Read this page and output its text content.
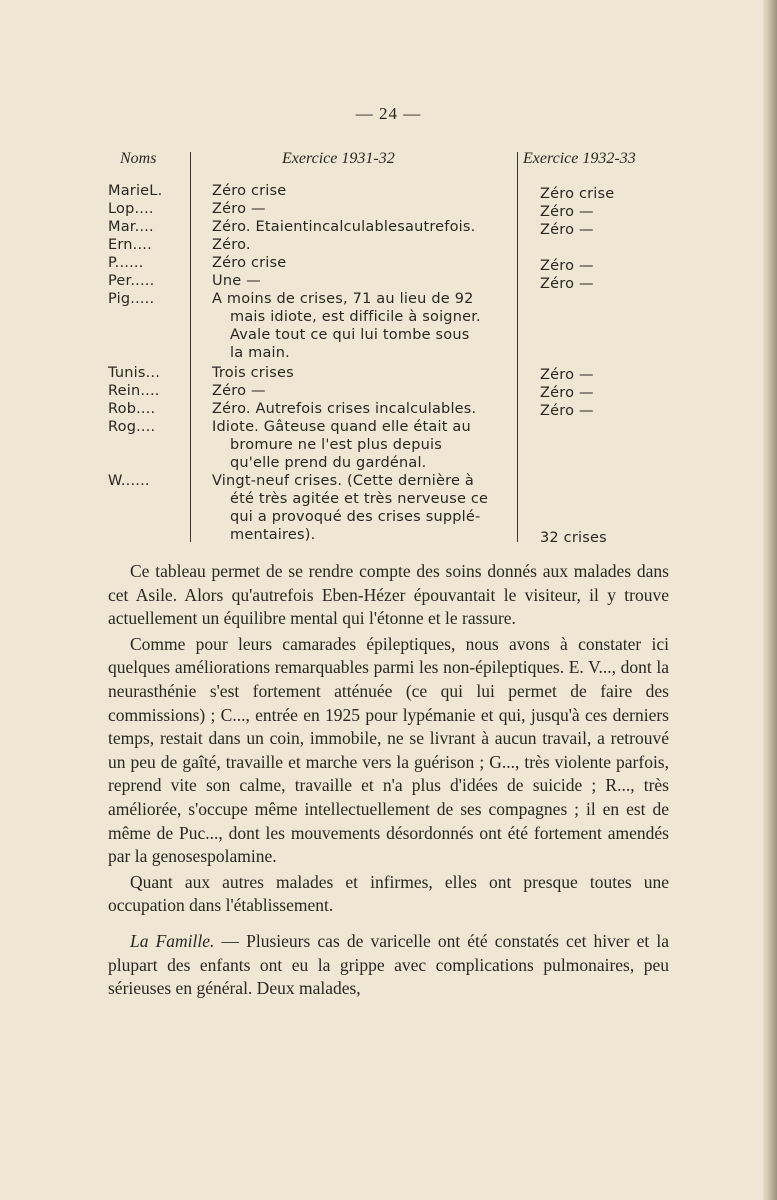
— 24 —
Noms	Exercice 1931-32	Exercice 1932-33
MarieL.
Lop....
Mar....
Ern....
P......
Per.....
Pig.....
Tunis...
Rein....
Rob....
Rog....
W......
Zéro crise
Zéro —
Zéro. Etaientincalculablesautrefois.
Zéro.
Zéro crise
Une —
A moins de crises, 71 au lieu de 92
mais idiote, est difficile à soigner.
Avale tout ce qui lui tombe sous
la main.
Trois crises
Zéro —
Zéro. Autrefois crises incalculables.
Idiote. Gâteuse quand elle était au
bromure ne l'est plus depuis
qu'elle prend du gardénal.
Vingt-neuf crises. (Cette dernière à
été très agitée et très nerveuse ce
qui a provoqué des crises supplé-
mentaires).
Zéro crise
Zéro —
Zéro —
Zéro —
Zéro —
Zéro —
Zéro —
Zéro —
32 crises

Ce tableau permet de se rendre compte des soins donnés aux malades dans cet Asile. Alors qu'autrefois Eben-Hézer épouvantait le visiteur, il y trouve actuellement un équilibre mental qui l'étonne et le rassure.

Comme pour leurs camarades épileptiques, nous avons à constater ici quelques améliorations remarquables parmi les non-épileptiques. E. V..., dont la neurasthénie s'est fortement atténuée (ce qui lui permet de faire des commissions) ; C..., entrée en 1925 pour lypémanie et qui, jusqu'à ces derniers temps, restait dans un coin, immobile, ne se livrant à aucun travail, a retrouvé un peu de gaîté, travaille et marche vers la guérison ; G..., très violente parfois, reprend vite son calme, travaille et n'a plus d'idées de suicide ; R..., très améliorée, s'occupe même intellectuellement de ses compagnes ; il en est de même de Puc..., dont les mouvements désordonnés ont été fortement amendés par la genosespolamine.

Quant aux autres malades et infirmes, elles ont presque toutes une occupation dans l'établissement.

La Famille. — Plusieurs cas de varicelle ont été constatés cet hiver et la plupart des enfants ont eu la grippe avec complications pulmonaires, peu sérieuses en général. Deux malades,
